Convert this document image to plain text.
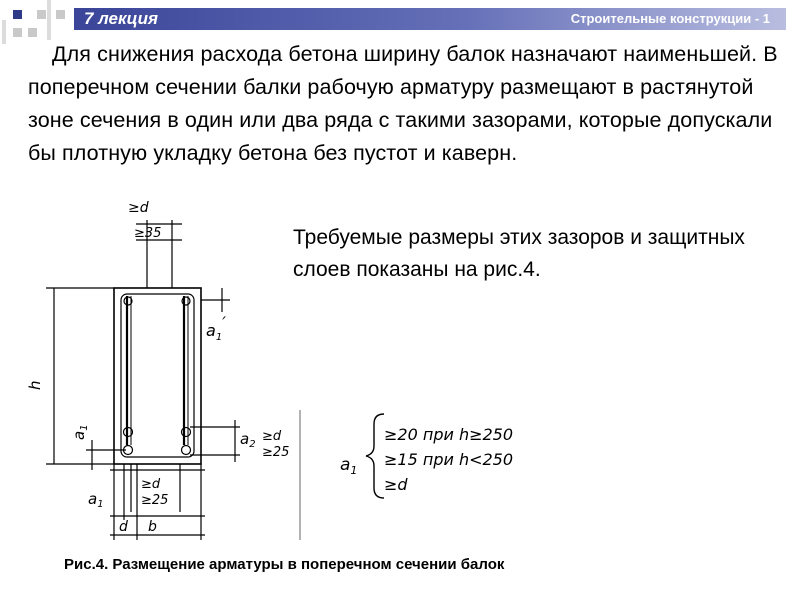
7 лекция	Строительные конструкции - 1

Для снижения расхода бетона ширину балок назначают наименьшей. В поперечном сечении балки рабочую арматуру размещают в растянутой зоне сечения в один или два ряда с такими зазорами, которые допускали бы плотную укладку бетона без пустот и каверн.

Требуемые размеры этих зазоров и защитных слоев показаны на рис.4.

≥d
≥35
h
$a_1$
$a_1'$
$a_2$
≥d
≥25
$a_1$
≥d
≥25
d b
$a_1$
≥20 при h≥250
≥15 при h<250
≥d
Рис.4. Размещение арматуры в поперечном сечении балок
